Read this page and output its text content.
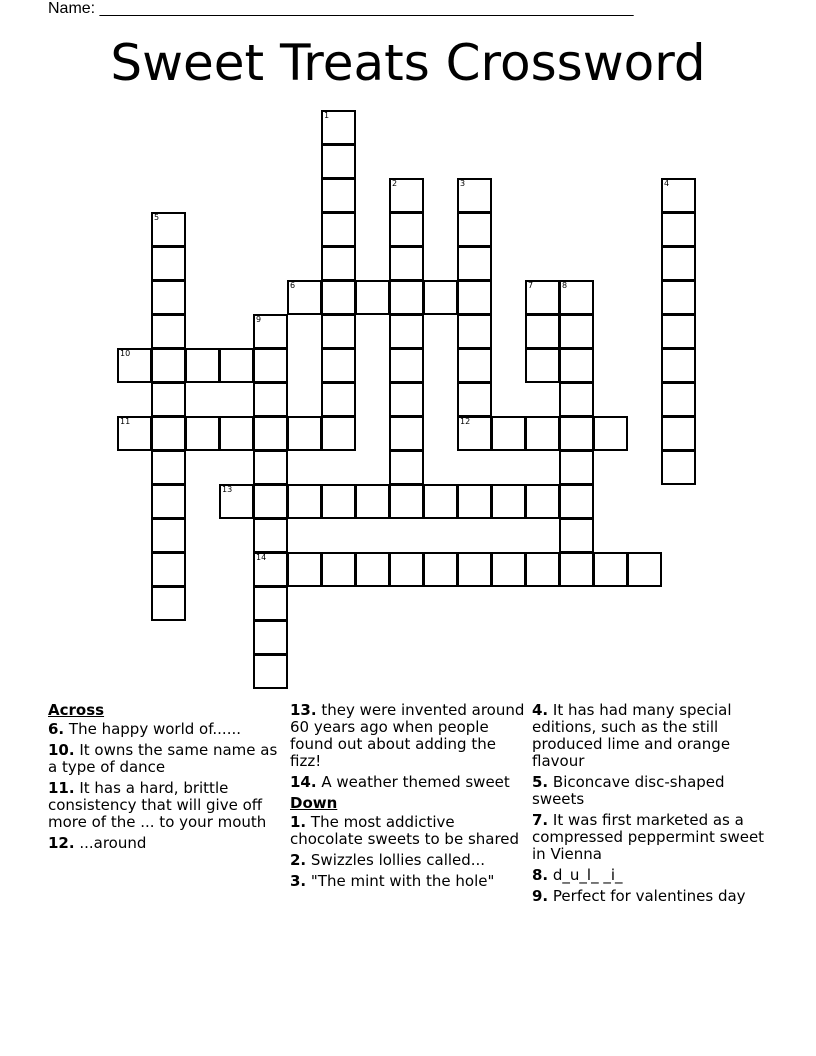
Name: ____________________________________________________________
Sweet Treats Crossword
1
2	3
12
4
5
6	7	8
9
14
10
11
13
Across
6. The happy world of......
10. It owns the same name as a type of dance
11. It has a hard, brittle consistency that will give off more of the ... to your mouth
12. ...around
13. they were invented around 60 years ago when people found out about adding the fizz!
14. A weather themed sweet
Down
1. The most addictive chocolate sweets to be shared
2. Swizzles lollies called...
3. "The mint with the hole"
4. It has had many special editions, such as the still produced lime and orange flavour
5. Biconcave disc-shaped sweets
7. It was first marketed as a compressed peppermint sweet in Vienna
8. d_u_l_ _i_
9. Perfect for valentines day
